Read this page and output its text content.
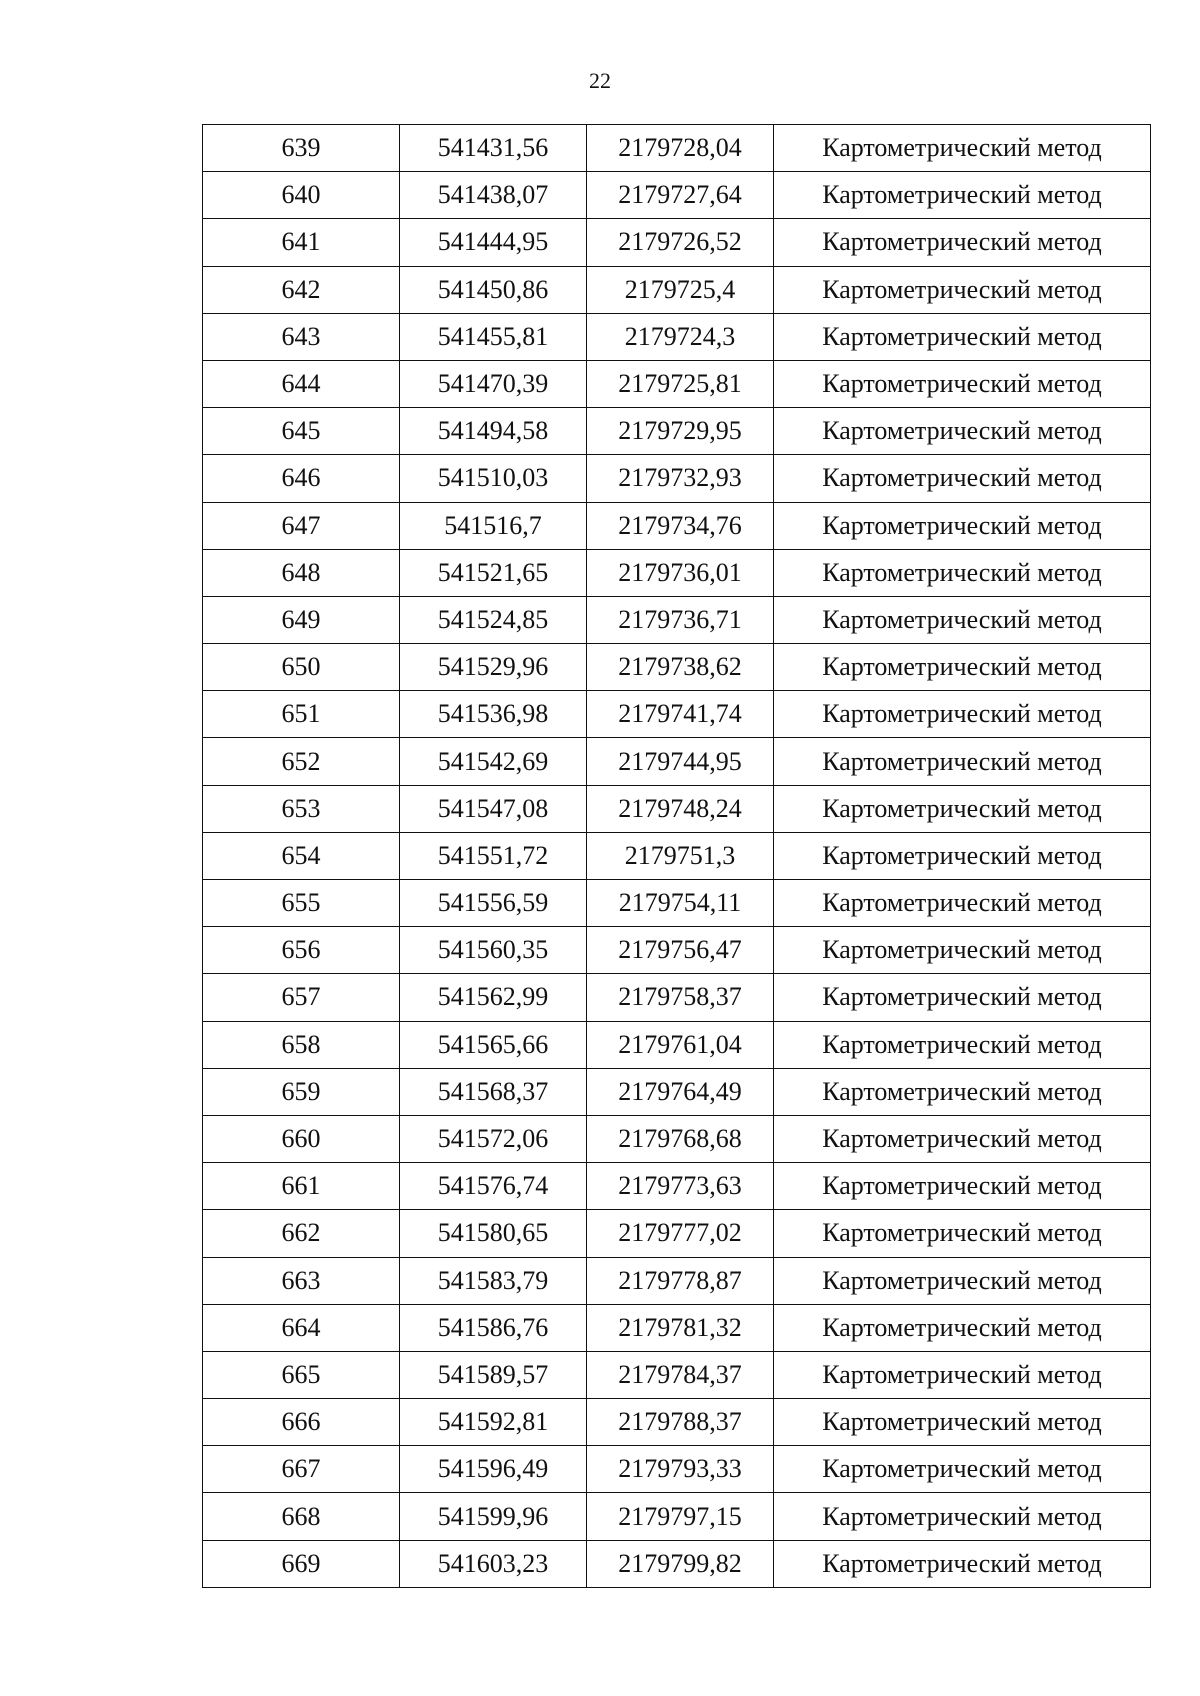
22
639	541431,56	2179728,04	Картометрический метод
640	541438,07	2179727,64	Картометрический метод
641	541444,95	2179726,52	Картометрический метод
642	541450,86	2179725,4	Картометрический метод
643	541455,81	2179724,3	Картометрический метод
644	541470,39	2179725,81	Картометрический метод
645	541494,58	2179729,95	Картометрический метод
646	541510,03	2179732,93	Картометрический метод
647	541516,7	2179734,76	Картометрический метод
648	541521,65	2179736,01	Картометрический метод
649	541524,85	2179736,71	Картометрический метод
650	541529,96	2179738,62	Картометрический метод
651	541536,98	2179741,74	Картометрический метод
652	541542,69	2179744,95	Картометрический метод
653	541547,08	2179748,24	Картометрический метод
654	541551,72	2179751,3	Картометрический метод
655	541556,59	2179754,11	Картометрический метод
656	541560,35	2179756,47	Картометрический метод
657	541562,99	2179758,37	Картометрический метод
658	541565,66	2179761,04	Картометрический метод
659	541568,37	2179764,49	Картометрический метод
660	541572,06	2179768,68	Картометрический метод
661	541576,74	2179773,63	Картометрический метод
662	541580,65	2179777,02	Картометрический метод
663	541583,79	2179778,87	Картометрический метод
664	541586,76	2179781,32	Картометрический метод
665	541589,57	2179784,37	Картометрический метод
666	541592,81	2179788,37	Картометрический метод
667	541596,49	2179793,33	Картометрический метод
668	541599,96	2179797,15	Картометрический метод
669	541603,23	2179799,82	Картометрический метод
